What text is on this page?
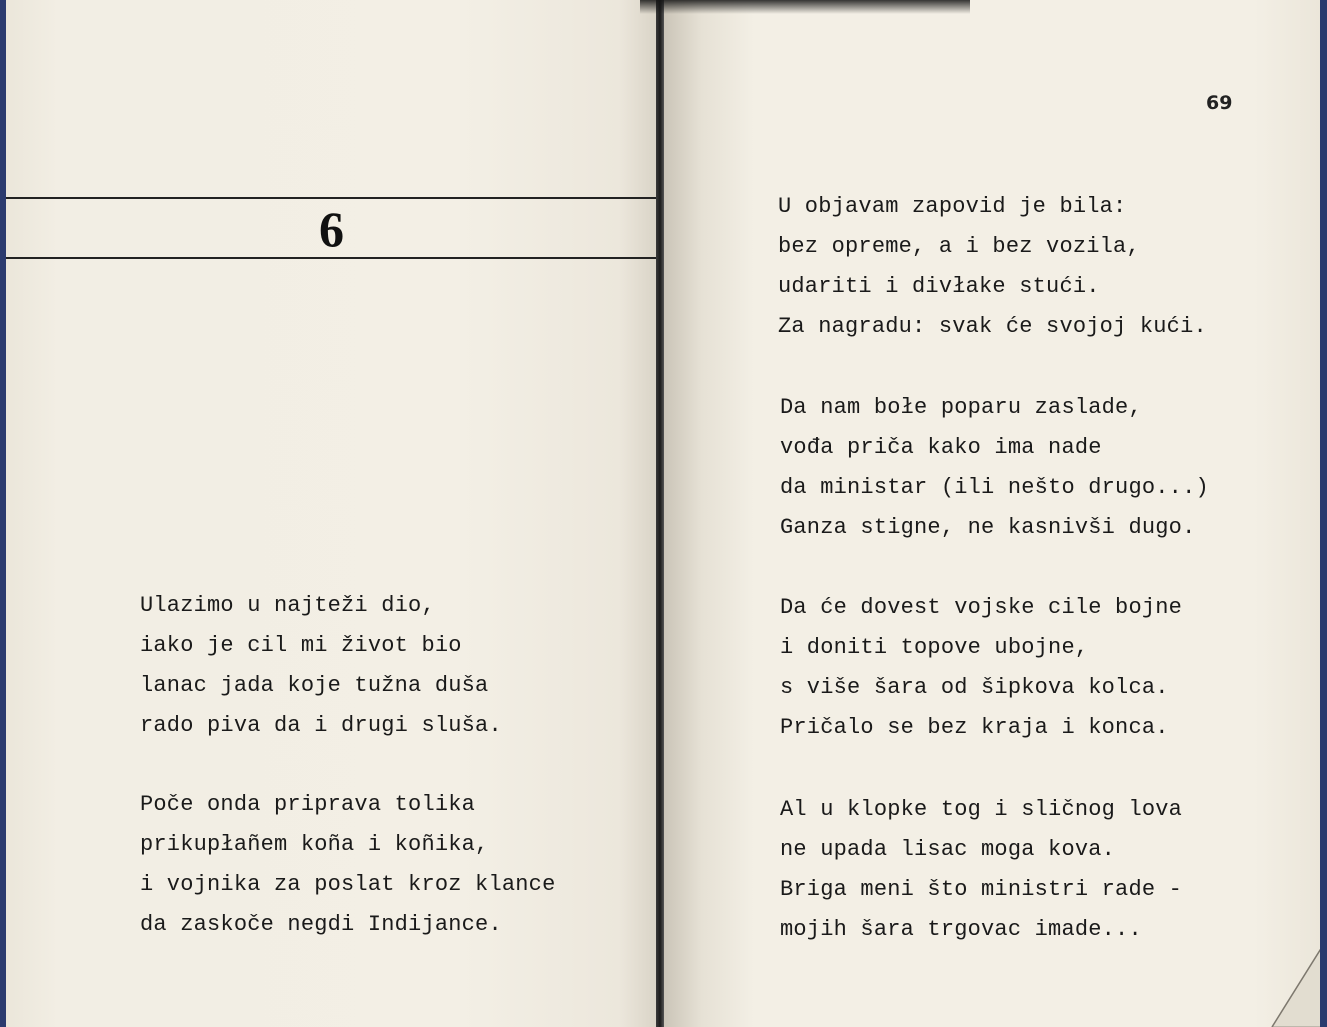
6
Ulazimo u najteži dio,
iako je cil mi život bio
lanac jada koje tužna duša
rado piva da i drugi sluša.
Poče onda priprava tolika
prikupłañem koña i koñika,
i vojnika za poslat kroz klance
da zaskoče negdi Indijance.
69
U objavam zapovid je bila:
bez opreme, a i bez vozila,
udariti i divłake stući.
Za nagradu: svak će svojoj kući.
Da nam bołe poparu zaslade,
vođa priča kako ima nade
da ministar (ili nešto drugo...)
Ganza stigne, ne kasnivši dugo.
Da će dovest vojske cile bojne
i doniti topove ubojne,
s više šara od šipkova kolca.
Pričalo se bez kraja i konca.
Al u klopke tog i sličnog lova
ne upada lisac moga kova.
Briga meni što ministri rade -
mojih šara trgovac imade...
